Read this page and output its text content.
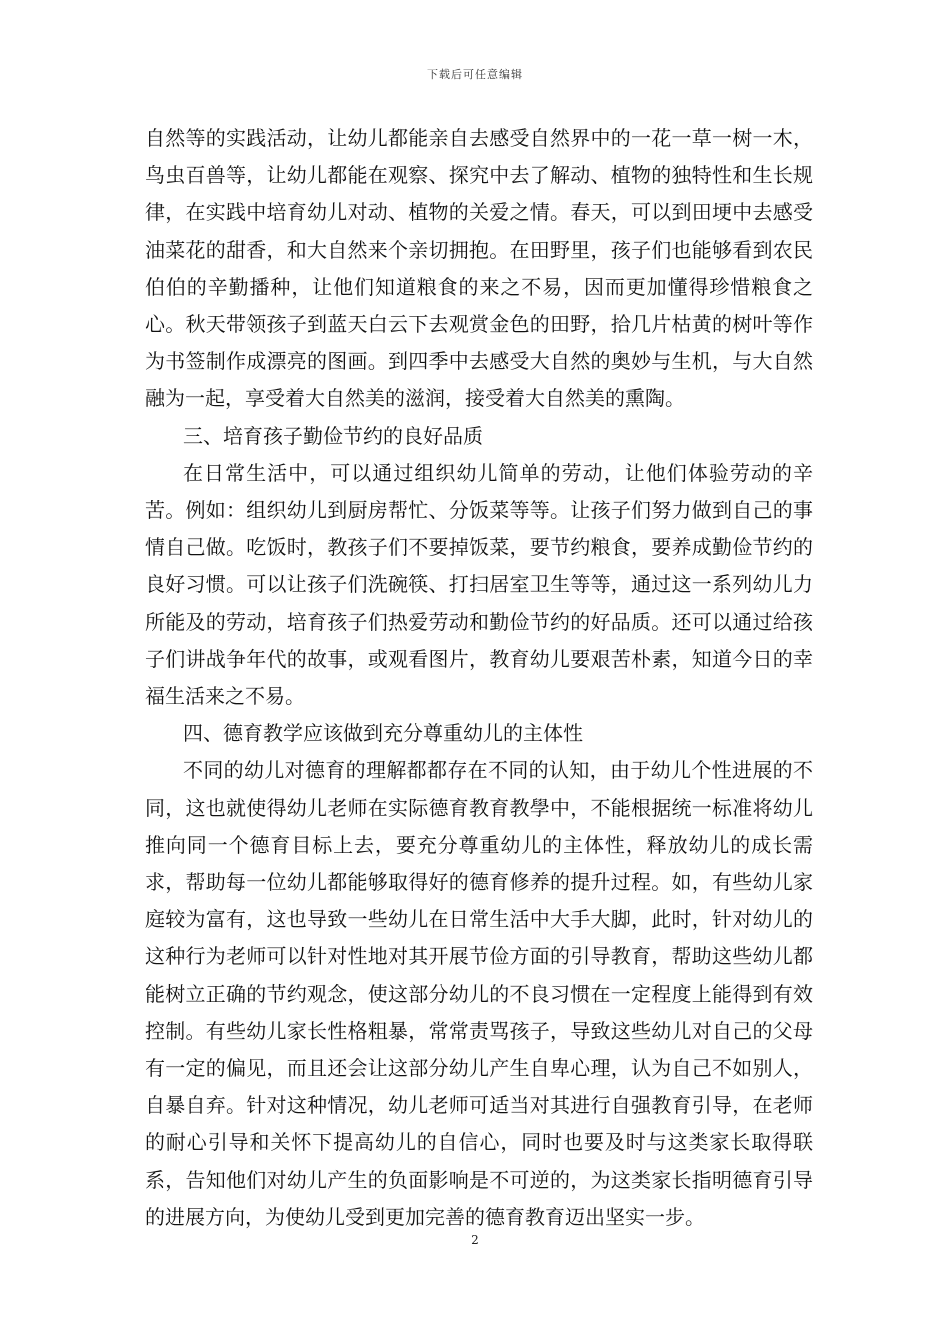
下载后可任意编辑

自然等的实践活动，让幼儿都能亲自去感受自然界中的一花一草一树一木，鸟虫百兽等，让幼儿都能在观察、探究中去了解动、植物的独特性和生长规律，在实践中培育幼儿对动、植物的关爱之情。春天，可以到田埂中去感受油菜花的甜香，和大自然来个亲切拥抱。在田野里，孩子们也能够看到农民伯伯的辛勤播种，让他们知道粮食的来之不易，因而更加懂得珍惜粮食之心。秋天带领孩子到蓝天白云下去观赏金色的田野，拾几片枯黄的树叶等作为书签制作成漂亮的图画。到四季中去感受大自然的奥妙与生机，与大自然融为一起，享受着大自然美的滋润，接受着大自然美的熏陶。

三、培育孩子勤俭节约的良好品质

在日常生活中，可以通过组织幼儿简单的劳动，让他们体验劳动的辛苦。例如：组织幼儿到厨房帮忙、分饭菜等等。让孩子们努力做到自己的事情自己做。吃饭时，教孩子们不要掉饭菜，要节约粮食，要养成勤俭节约的良好习惯。可以让孩子们洗碗筷、打扫居室卫生等等，通过这一系列幼儿力所能及的劳动，培育孩子们热爱劳动和勤俭节约的好品质。还可以通过给孩子们讲战争年代的故事，或观看图片，教育幼儿要艰苦朴素，知道今日的幸福生活来之不易。

四、德育教学应该做到充分尊重幼儿的主体性

不同的幼儿对德育的理解都都存在不同的认知，由于幼儿个性进展的不同，这也就使得幼儿老师在实际德育教育教學中，不能根据统一标准将幼儿推向同一个德育目标上去，要充分尊重幼儿的主体性，释放幼儿的成长需求，帮助每一位幼儿都能够取得好的德育修养的提升过程。如，有些幼儿家庭较为富有，这也导致一些幼儿在日常生活中大手大脚，此时，针对幼儿的这种行为老师可以针对性地对其开展节俭方面的引导教育，帮助这些幼儿都能树立正确的节约观念，使这部分幼儿的不良习惯在一定程度上能得到有效控制。有些幼儿家长性格粗暴，常常责骂孩子，导致这些幼儿对自己的父母有一定的偏见，而且还会让这部分幼儿产生自卑心理，认为自己不如别人，自暴自弃。针对这种情况，幼儿老师可适当对其进行自强教育引导，在老师的耐心引导和关怀下提高幼儿的自信心，同时也要及时与这类家长取得联系，告知他们对幼儿产生的负面影响是不可逆的，为这类家长指明德育引导的进展方向，为使幼儿受到更加完善的德育教育迈出坚实一步。

2
